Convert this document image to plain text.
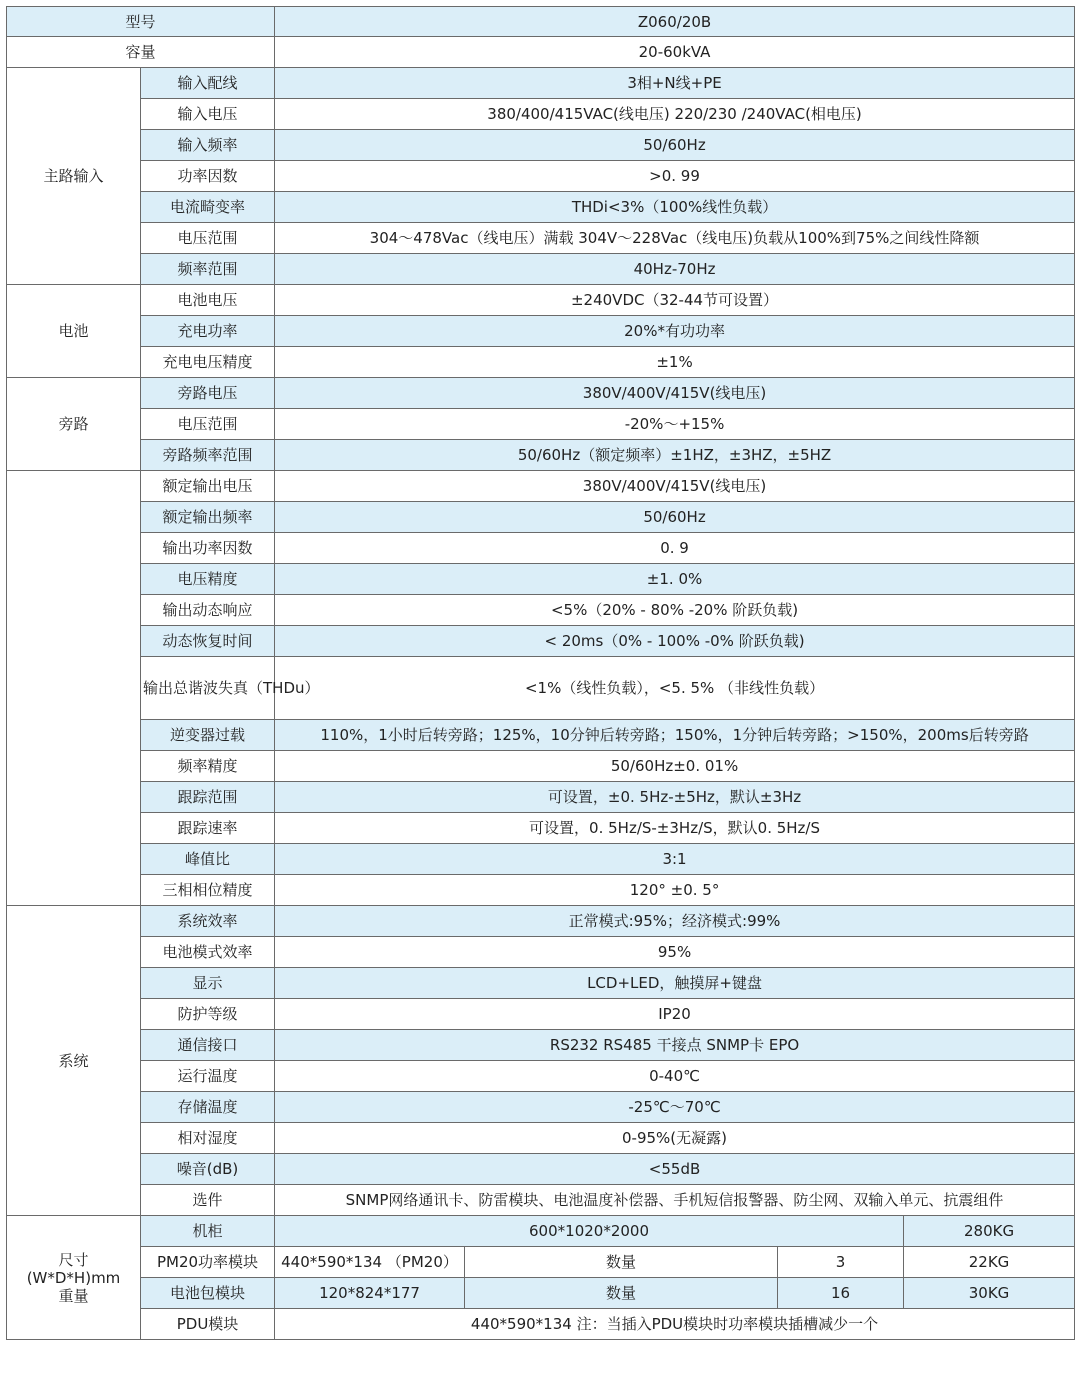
型号		Z060/20B			
容量		20-60kVA			
主路输入	输入配线	3相+N线+PE			
	输入电压	380/400/415VAC(线电压) 220/230 /240VAC(相电压)			
	输入频率	50/60Hz			
	功率因数	>0. 99			
	电流畸变率	THDi<3%（100%线性负载）			
	电压范围	304～478Vac（线电压）满载 304V～228Vac（线电压)负载从100%到75%之间线性降额			
	频率范围	40Hz-70Hz			
电池	电池电压	±240VDC（32-44节可设置）			
	充电功率	20%*有功功率			
	充电电压精度	±1%			
旁路	旁路电压	380V/400V/415V(线电压)			
	电压范围	-20%～+15%			
	旁路频率范围	50/60Hz（额定频率）±1HZ，±3HZ，±5HZ			
	额定输出电压	380V/400V/415V(线电压)			
	额定输出频率	50/60Hz			
	输出功率因数	0. 9			
	电压精度	±1. 0%			
	输出动态响应	<5%（20% - 80% -20% 阶跃负载)			
	动态恢复时间	< 20ms（0% - 100% -0% 阶跃负载)			
	输出总谐波失真（THDu）	<1%（线性负载），<5. 5% （非线性负载）			
	逆变器过载	110%，1小时后转旁路；125%，10分钟后转旁路；150%，1分钟后转旁路；>150%，200ms后转旁路			
	频率精度	50/60Hz±0. 01%			
	跟踪范围	可设置，±0. 5Hz-±5Hz，默认±3Hz			
	跟踪速率	可设置，0. 5Hz/S-±3Hz/S，默认0. 5Hz/S			
	峰值比	3:1			
	三相相位精度	120° ±0. 5°			
系统	系统效率	正常模式:95%；经济模式:99%			
	电池模式效率	95%			
	显示	LCD+LED，触摸屏+键盘			
	防护等级	IP20			
	通信接口	RS232 RS485 干接点 SNMP卡 EPO			
	运行温度	0-40℃			
	存储温度	-25℃～70℃			
	相对湿度	0-95%(无凝露)			
	噪音(dB)	<55dB			
	选件	SNMP网络通讯卡、防雷模块、电池温度补偿器、手机短信报警器、防尘网、双输入单元、抗震组件			

尺寸
(W*D*H)mm
重量	机柜	600*1020*2000			280KG
	PM20功率模块	440*590*134 （PM20）	数量	3	22KG
	电池包模块	120*824*177	数量	16	30KG
	PDU模块	440*590*134 注：当插入PDU模块时功率模块插槽减少一个			
